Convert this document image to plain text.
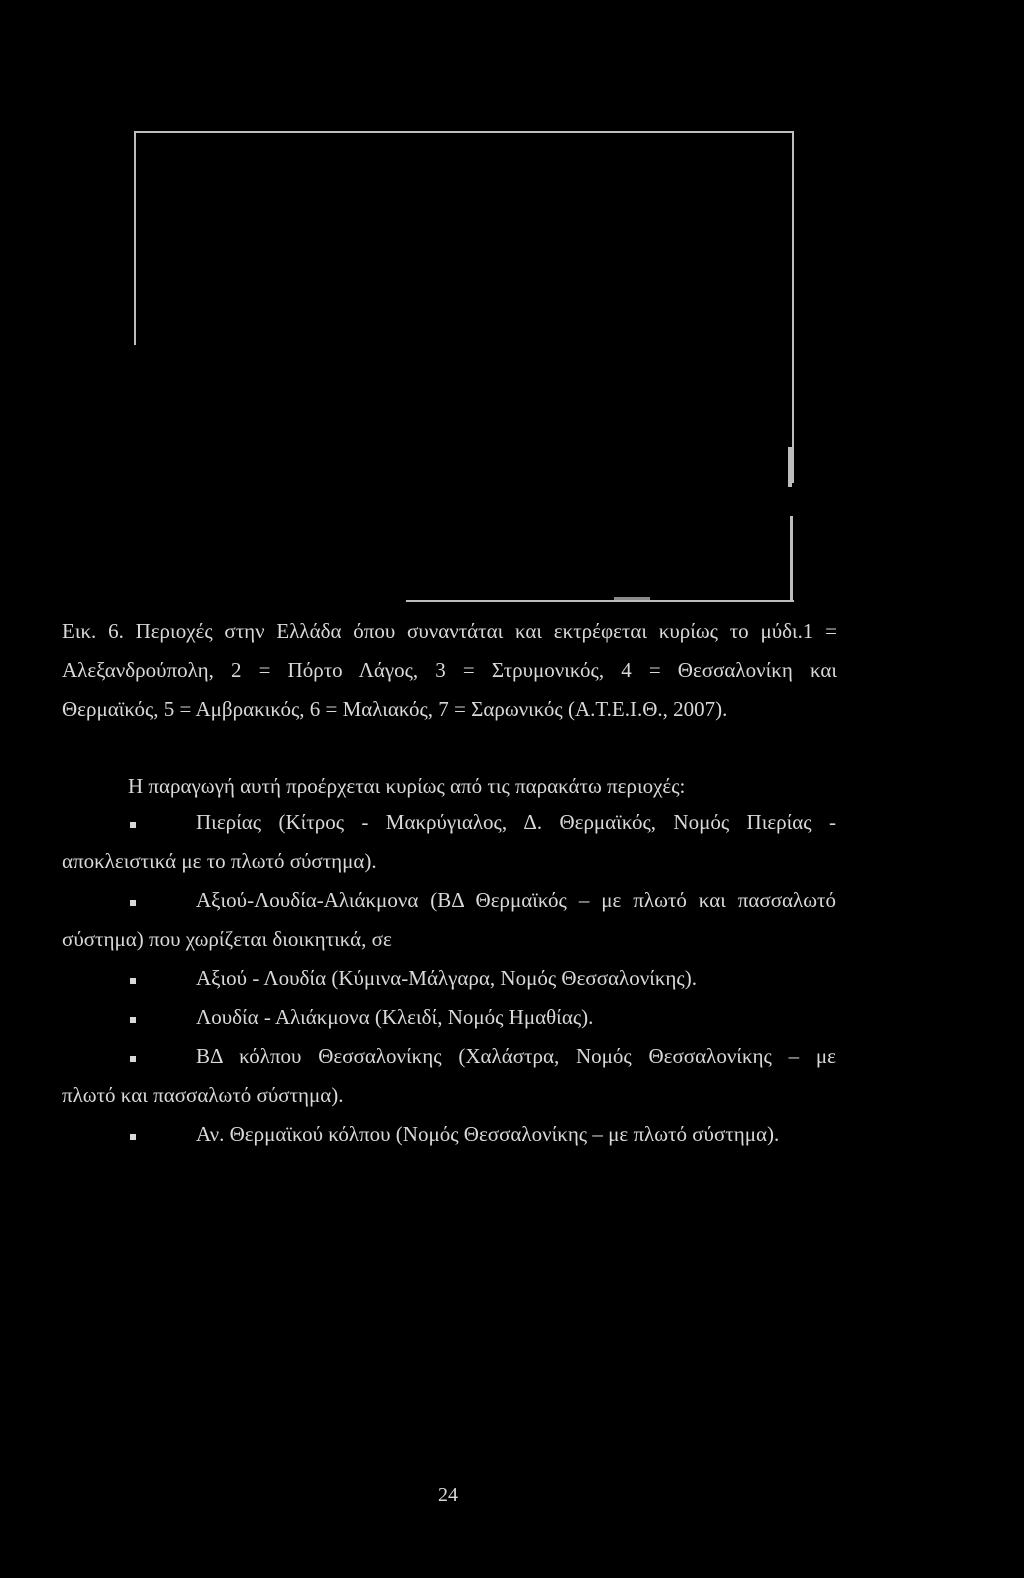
Εικ. 6. Περιοχές στην Ελλάδα όπου συναντάται και εκτρέφεται κυρίως το μύδι.1 =
Αλεξανδρούπολη, 2 = Πόρτο Λάγος, 3 = Στρυμονικός, 4 = Θεσσαλονίκη και
Θερμαϊκός, 5 = Αμβρακικός, 6 = Μαλιακός, 7 = Σαρωνικός (Α.Τ.Ε.Ι.Θ., 2007).
Η παραγωγή αυτή προέρχεται κυρίως από τις παρακάτω περιοχές:
Πιερίας (Κίτρος - Μακρύγιαλος, Δ. Θερμαϊκός, Νομός Πιερίας -
αποκλειστικά με το πλωτό σύστημα).
Αξιού-Λουδία-Αλιάκμονα (ΒΔ Θερμαϊκός – με πλωτό και πασσαλωτό
σύστημα) που χωρίζεται διοικητικά, σε
Αξιού - Λουδία (Κύμινα-Μάλγαρα, Νομός Θεσσαλονίκης).
Λουδία - Αλιάκμονα (Κλειδί, Νομός Ημαθίας).
ΒΔ κόλπου Θεσσαλονίκης (Χαλάστρα, Νομός Θεσσαλονίκης – με
πλωτό και πασσαλωτό σύστημα).
Αν. Θερμαϊκού κόλπου (Νομός Θεσσαλονίκης – με πλωτό σύστημα).
24
